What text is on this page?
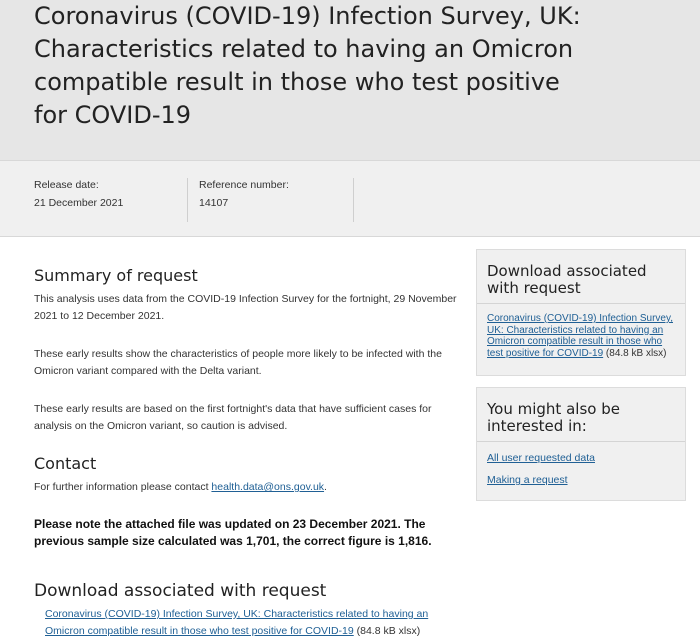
Coronavirus (COVID-19) Infection Survey, UK: Characteristics related to having an Omicron compatible result in those who test positive for COVID-19
Release date:
21 December 2021
Reference number:
14107
Summary of request

This analysis uses data from the COVID-19 Infection Survey for the fortnight, 29 November 2021 to 12 December 2021.

These early results show the characteristics of people more likely to be infected with the Omicron variant compared with the Delta variant.

These early results are based on the first fortnight's data that have sufficient cases for analysis on the Omicron variant, so caution is advised.

Contact

For further information please contact health.data@ons.gov.uk.

Please note the attached file was updated on 23 December 2021. The previous sample size calculated was 1,701, the correct figure is 1,816.

Download associated with request

Coronavirus (COVID-19) Infection Survey, UK: Characteristics related to having an Omicron compatible result in those who test positive for COVID-19 (84.8 kB xlsx)

Download associated with request

Coronavirus (COVID-19) Infection Survey, UK: Characteristics related to having an Omicron compatible result in those who test positive for COVID-19 (84.8 kB xlsx)

You might also be interested in:
All user requested data
Making a request
